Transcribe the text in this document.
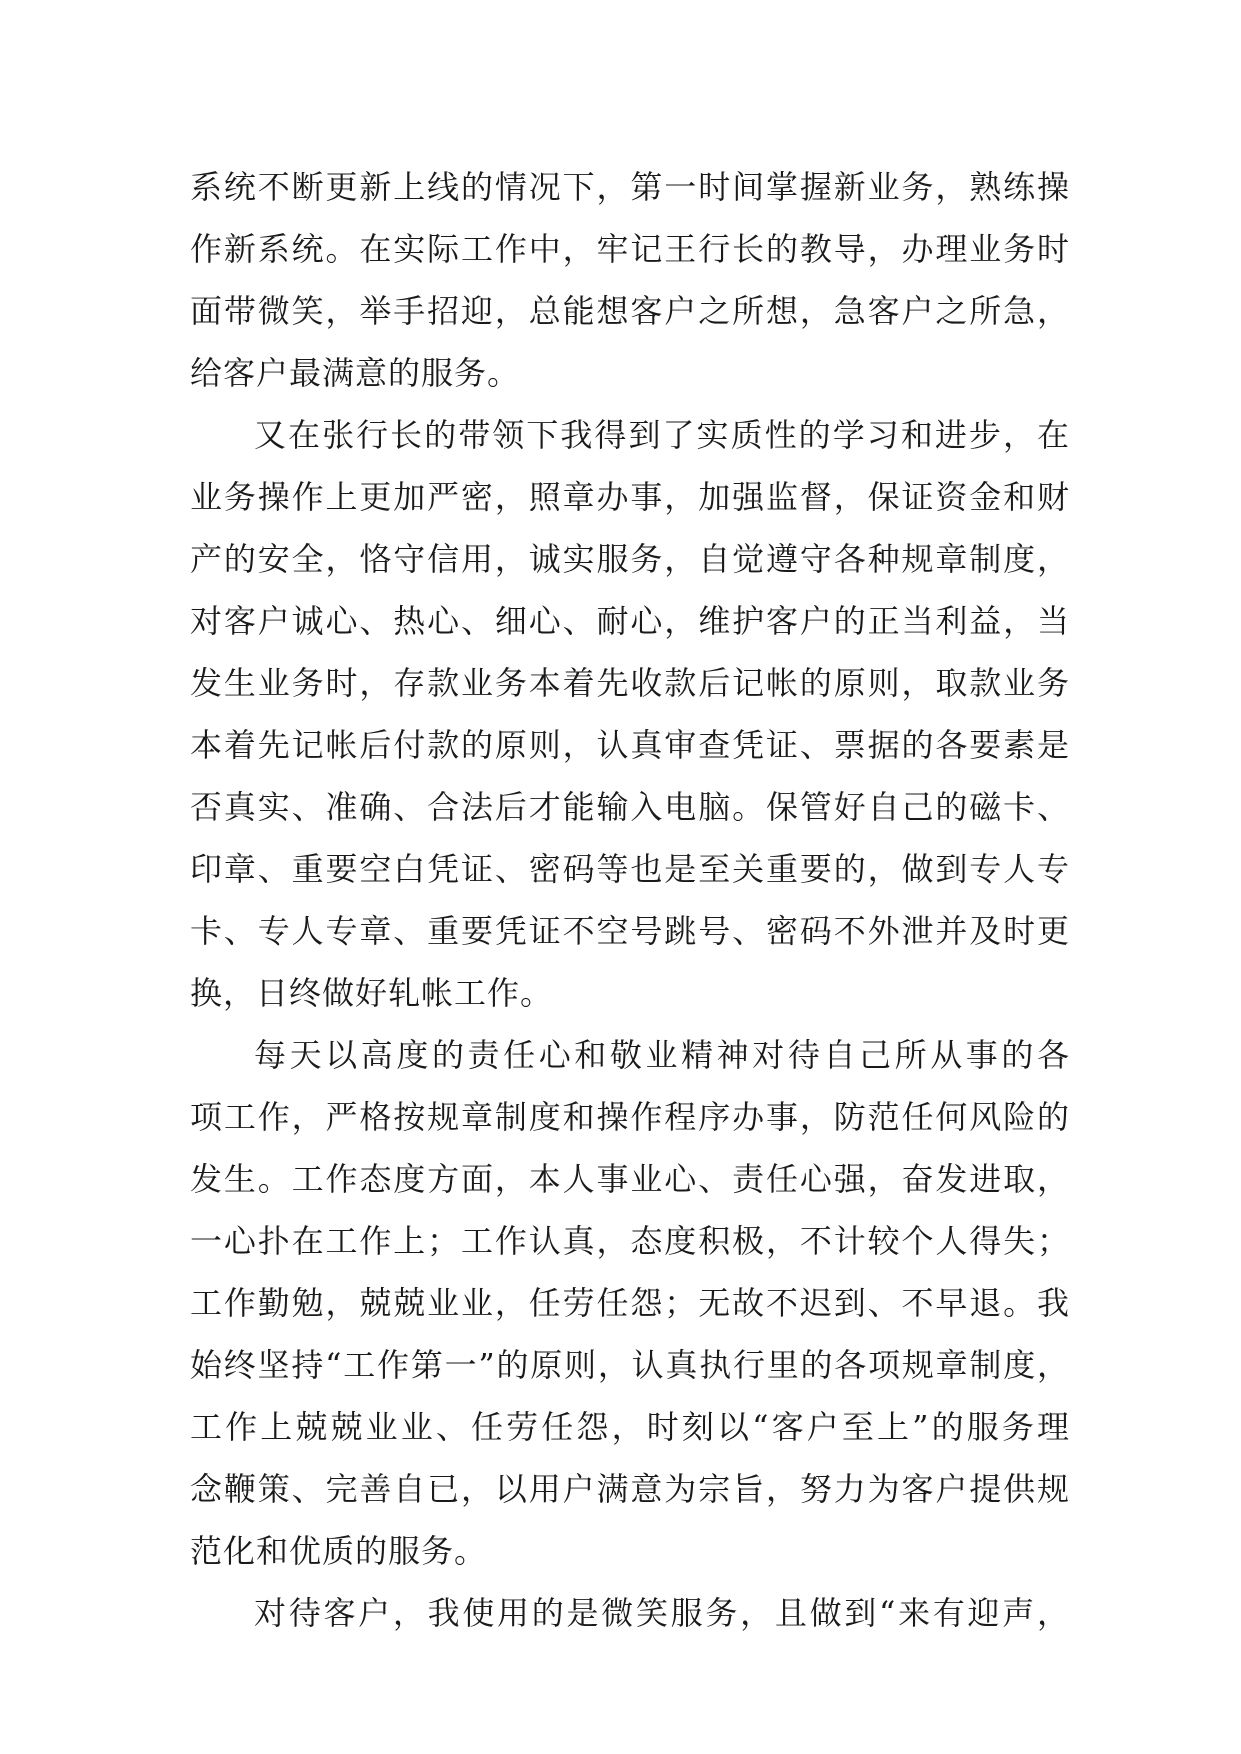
系统不断更新上线的情况下，第一时间掌握新业务，熟练操
作新系统。在实际工作中，牢记王行长的教导，办理业务时
面带微笑，举手招迎，总能想客户之所想，急客户之所急，
给客户最满意的服务。
又在张行长的带领下我得到了实质性的学习和进步，在
业务操作上更加严密，照章办事，加强监督，保证资金和财
产的安全，恪守信用，诚实服务，自觉遵守各种规章制度，
对客户诚心、热心、细心、耐心，维护客户的正当利益，当
发生业务时，存款业务本着先收款后记帐的原则，取款业务
本着先记帐后付款的原则，认真审查凭证、票据的各要素是
否真实、准确、合法后才能输入电脑。保管好自己的磁卡、
印章、重要空白凭证、密码等也是至关重要的，做到专人专
卡、专人专章、重要凭证不空号跳号、密码不外泄并及时更
换，日终做好轧帐工作。
每天以高度的责任心和敬业精神对待自己所从事的各
项工作，严格按规章制度和操作程序办事，防范任何风险的
发生。工作态度方面，本人事业心、责任心强，奋发进取，
一心扑在工作上；工作认真，态度积极，不计较个人得失；
工作勤勉，兢兢业业，任劳任怨；无故不迟到、不早退。我
始终坚持“工作第一”的原则，认真执行里的各项规章制度，
工作上兢兢业业、任劳任怨，时刻以“客户至上”的服务理
念鞭策、完善自已，以用户满意为宗旨，努力为客户提供规
范化和优质的服务。
对待客户，我使用的是微笑服务，且做到“来有迎声，
